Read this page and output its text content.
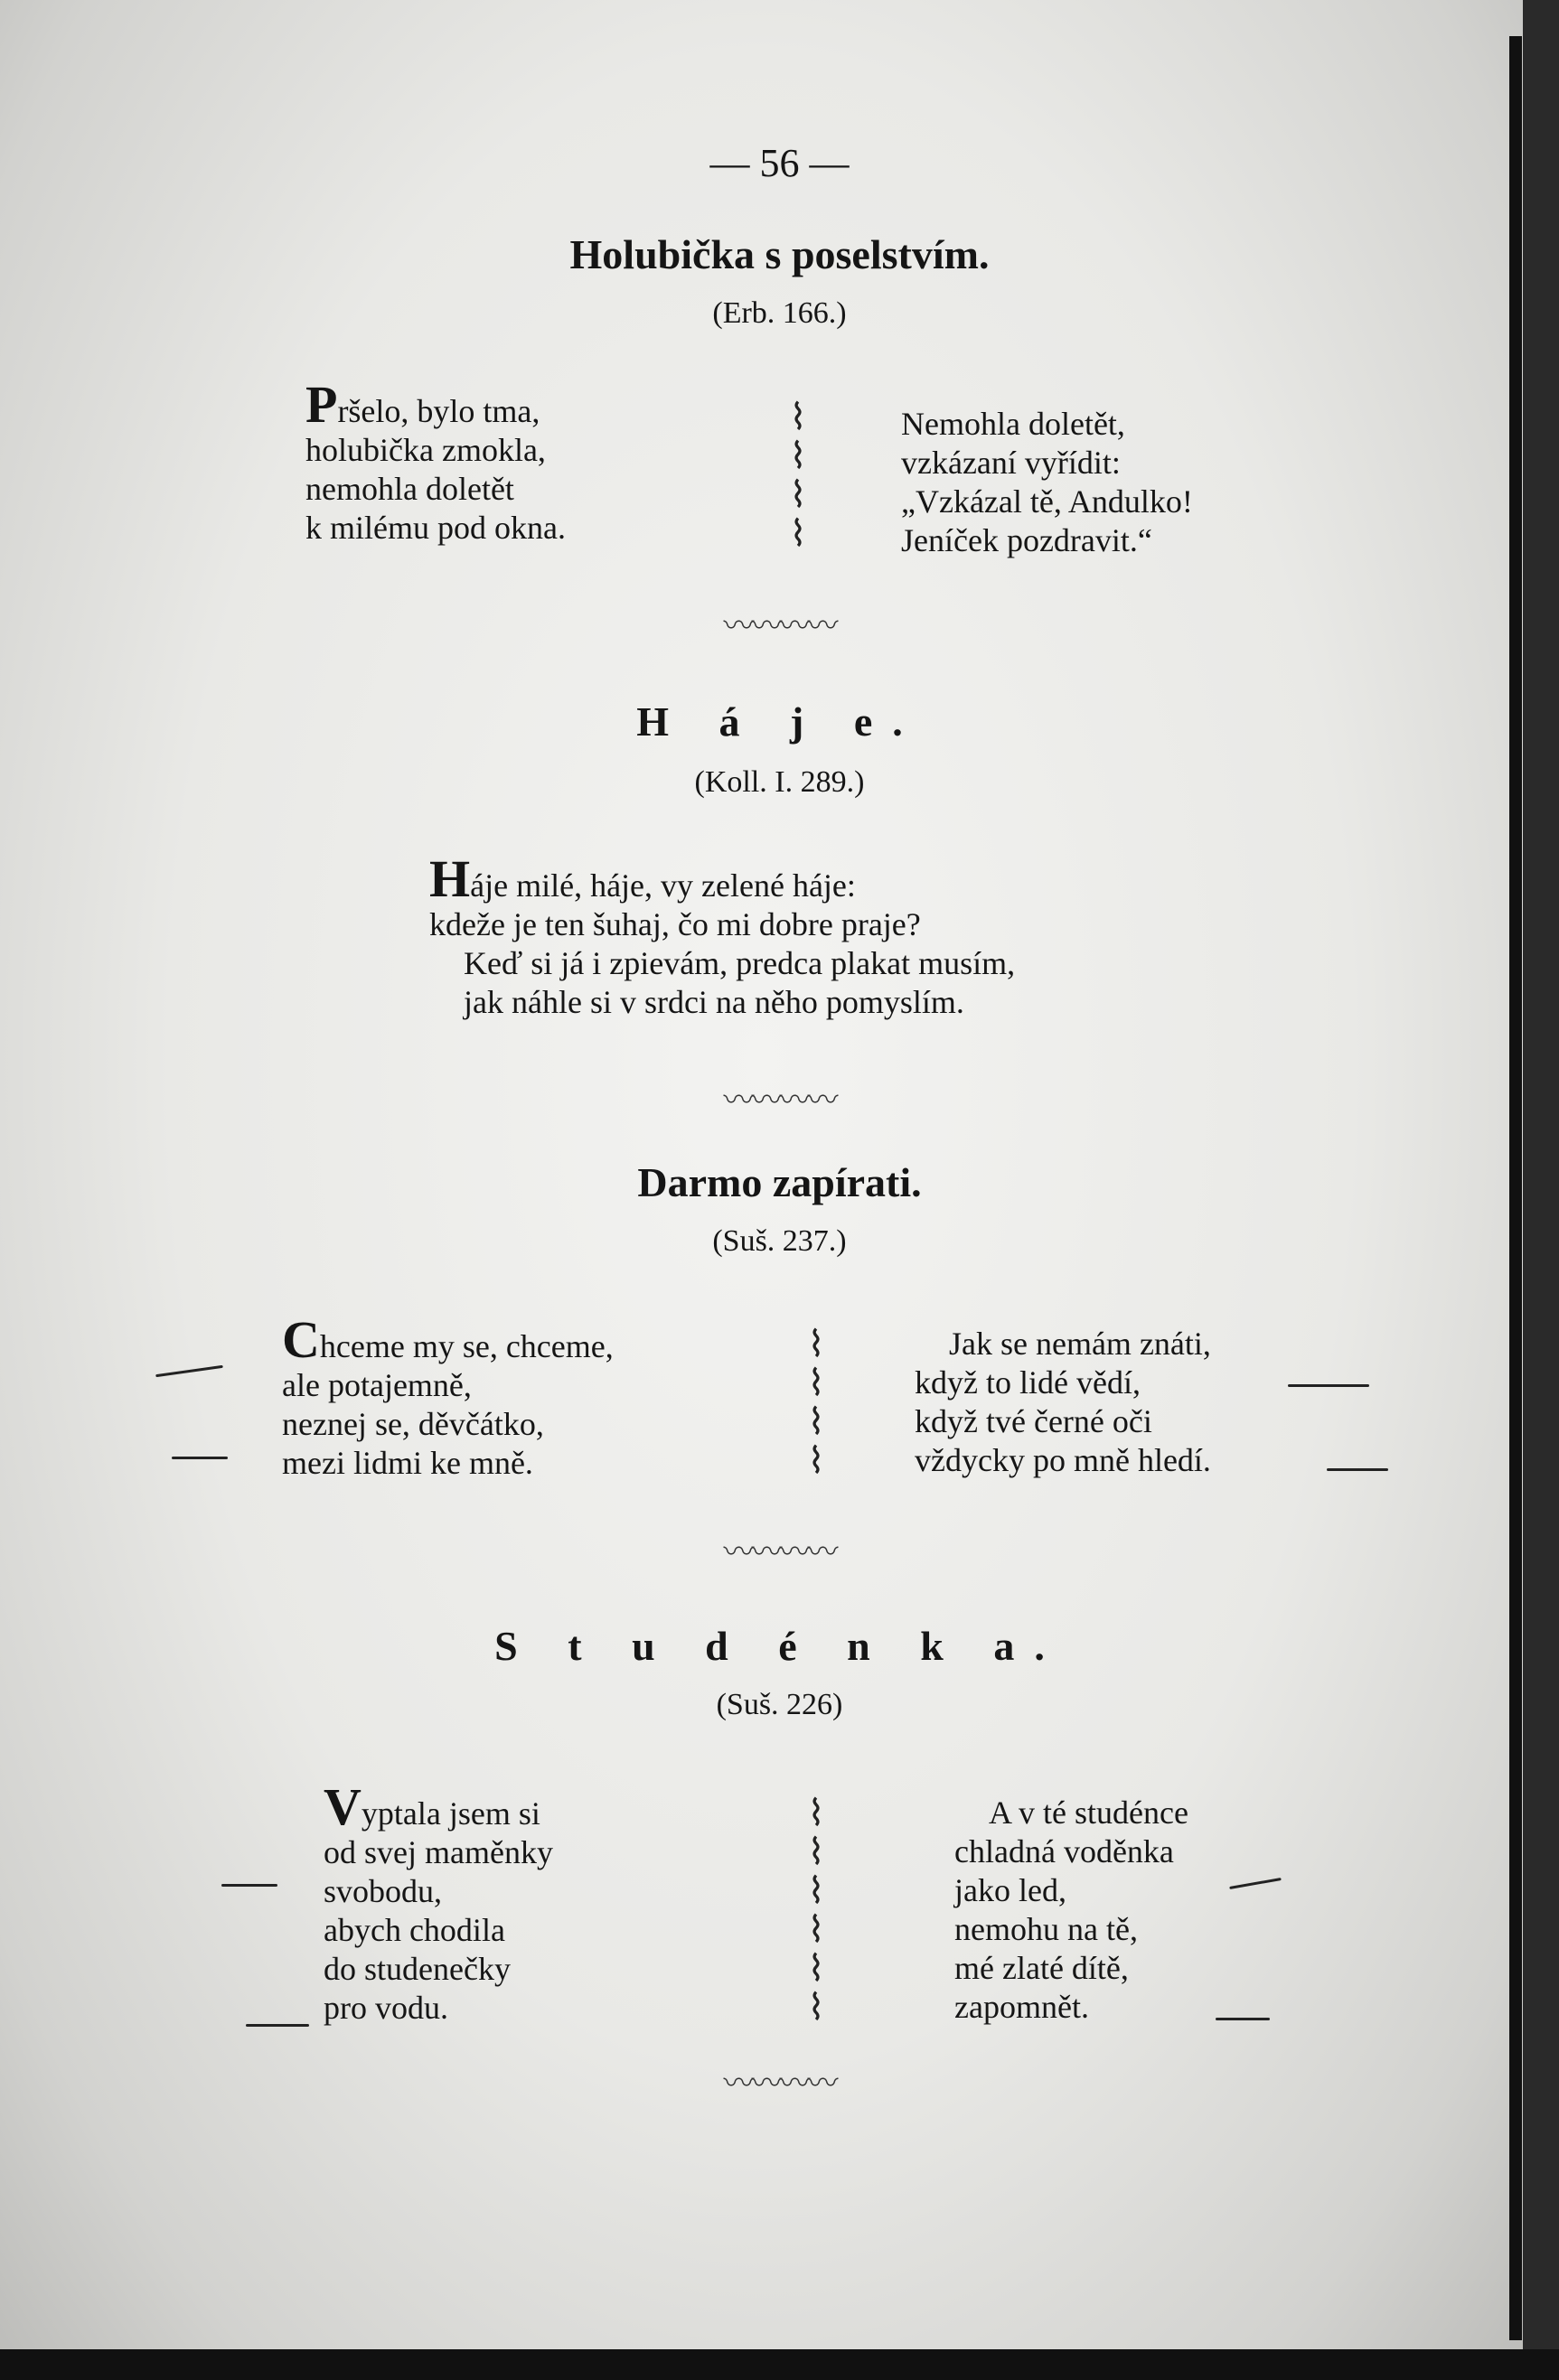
— 56 —
Holubička s poselstvím.
(Erb. 166.)
Pršelo, bylo tma,
holubička zmokla,
nemohla doletět
k milému pod okna.
⌇
⌇
⌇
⌇
Nemohla doletět,
vzkázaní vyřídit:
„Vzkázal tě, Andulko!
Jeníček pozdravit.“
〰〰〰〰
H á j e.
(Koll. I. 289.)
Háje milé, háje, vy zelené háje:
kdeže je ten šuhaj, čo mi dobre praje?
Keď si já i zpievám, predca plakat musím,
jak náhle si v srdci na něho pomyslím.
〰〰〰〰
Darmo zapírati.
(Suš. 237.)
Chceme my se, chceme,
ale potajemně,
neznej se, děvčátko,
mezi lidmi ke mně.
⌇
⌇
⌇
⌇
Jak se nemám znáti,
když to lidé vědí,
když tvé černé oči
vždycky po mně hledí.
〰〰〰〰
S t u d é n k a.
(Suš. 226)
Vyptala jsem si
od svej maměnky
svobodu,
abych chodila
do studenečky
pro vodu.
⌇
⌇
⌇
⌇
⌇
⌇
A v té studénce
chladná voděnka
jako led,
nemohu na tě,
mé zlaté dítě,
zapomnět.
〰〰〰〰
